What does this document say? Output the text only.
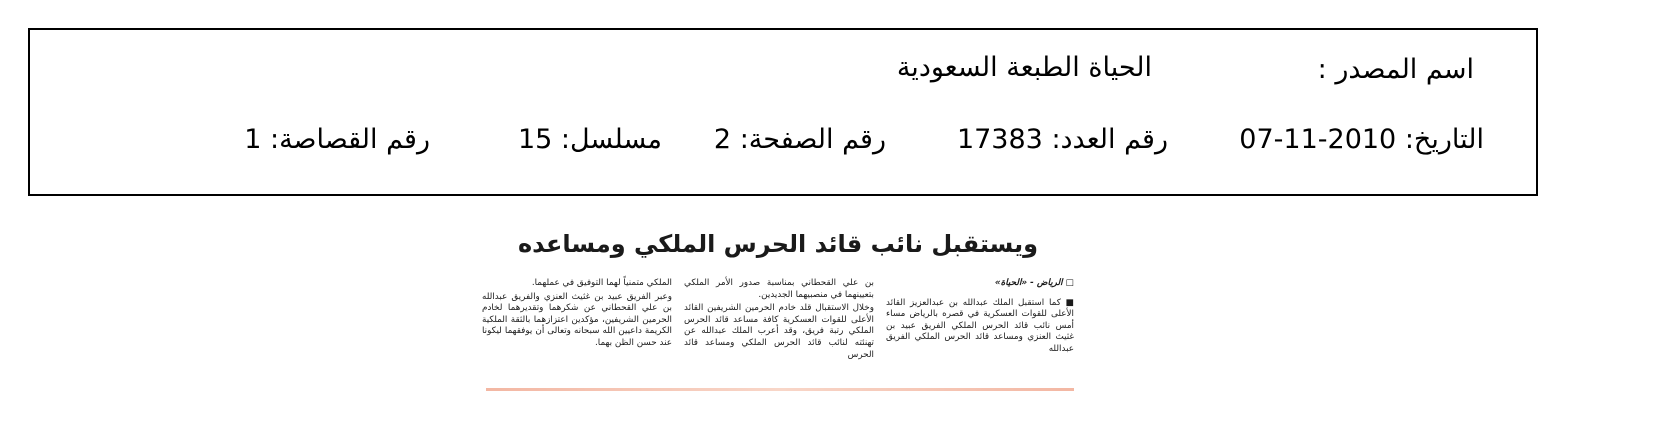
اسم المصدر :
الحياة الطبعة السعودية
التاريخ: 2010-11-07
رقم العدد: 17383
رقم الصفحة: 2
مسلسل: 15
رقم القصاصة: 1
ويستقبل نائب قائد الحرس الملكي ومساعده

□ الرياض - «الحياة»

■ كما استقبل الملك عبدالله بن عبدالعزيز القائد الأعلى للقوات العسكرية في قصره بالرياض مساء أمس نائب قائد الحرس الملكي الفريق عبيد بن غثيث العنزي ومساعد قائد الحرس الملكي الفريق عبدالله

بن علي القحطاني بمناسبة صدور الأمر الملكي بتعيينهما في منصبيهما الجديدين.

وخلال الاستقبال قلد خادم الحرمين الشريفين القائد الأعلى للقوات العسكرية كافة مساعد قائد الحرس الملكي رتبة فريق، وقد أعرب الملك عبدالله عن تهنئته لنائب قائد الحرس الملكي ومساعد قائد الحرس

الملكي متمنياً لهما التوفيق في عملهما.

وعبر الفريق عبيد بن غثيث العنزي والفريق عبدالله بن علي القحطاني عن شكرهما وتقديرهما لخادم الحرمين الشريفين، مؤكدين اعتزازهما بالثقة الملكية الكريمة داعيين الله سبحانه وتعالى أن يوفقهما ليكونا عند حسن الظن بهما.
